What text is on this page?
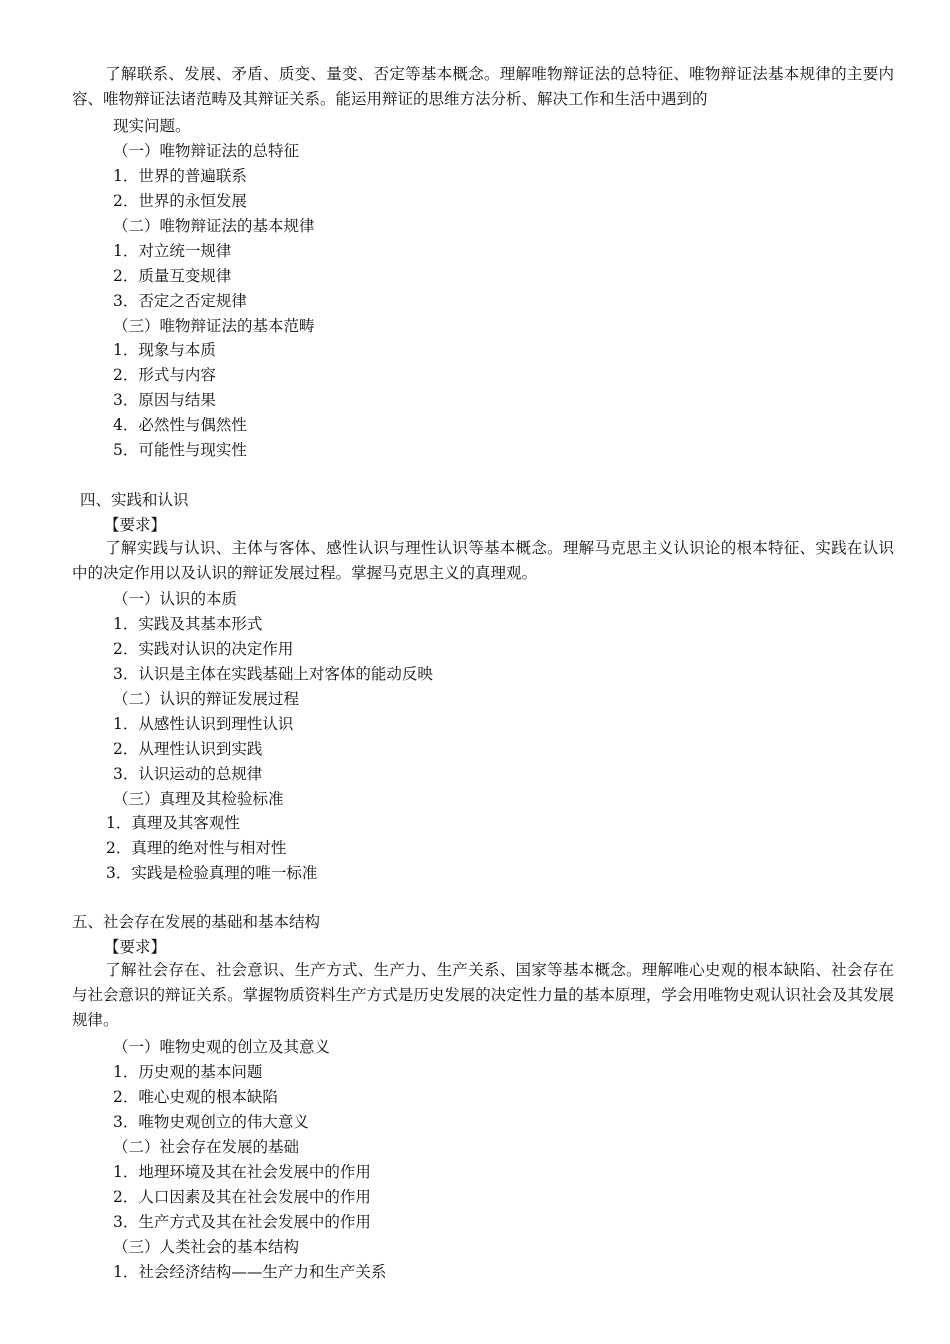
了解联系、发展、矛盾、质变、量变、否定等基本概念。理解唯物辩证法的总特征、唯物辩证法基本规律的主要内容、唯物辩证法诸范畴及其辩证关系。能运用辩证的思维方法分析、解决工作和生活中遇到的
现实问题。
（一）唯物辩证法的总特征
1．世界的普遍联系
2．世界的永恒发展
（二）唯物辩证法的基本规律
1．对立统一规律
2．质量互变规律
3．否定之否定规律
（三）唯物辩证法的基本范畴
1．现象与本质
2．形式与内容
3．原因与结果
4．必然性与偶然性
5．可能性与现实性
四、实践和认识
【要求】
了解实践与认识、主体与客体、感性认识与理性认识等基本概念。理解马克思主义认识论的根本特征、实践在认识中的决定作用以及认识的辩证发展过程。掌握马克思主义的真理观。
（一）认识的本质
1．实践及其基本形式
2．实践对认识的决定作用
3．认识是主体在实践基础上对客体的能动反映
（二）认识的辩证发展过程
1．从感性认识到理性认识
2．从理性认识到实践
3．认识运动的总规律
（三）真理及其检验标准
1．真理及其客观性
2．真理的绝对性与相对性
3．实践是检验真理的唯一标准
五、社会存在发展的基础和基本结构
【要求】
了解社会存在、社会意识、生产方式、生产力、生产关系、国家等基本概念。理解唯心史观的根本缺陷、社会存在与社会意识的辩证关系。掌握物质资料生产方式是历史发展的决定性力量的基本原理，学会用唯物史观认识社会及其发展规律。
（一）唯物史观的创立及其意义
1．历史观的基本问题
2．唯心史观的根本缺陷
3．唯物史观创立的伟大意义
（二）社会存在发展的基础
1．地理环境及其在社会发展中的作用
2．人口因素及其在社会发展中的作用
3．生产方式及其在社会发展中的作用
（三）人类社会的基本结构
1．社会经济结构——生产力和生产关系
